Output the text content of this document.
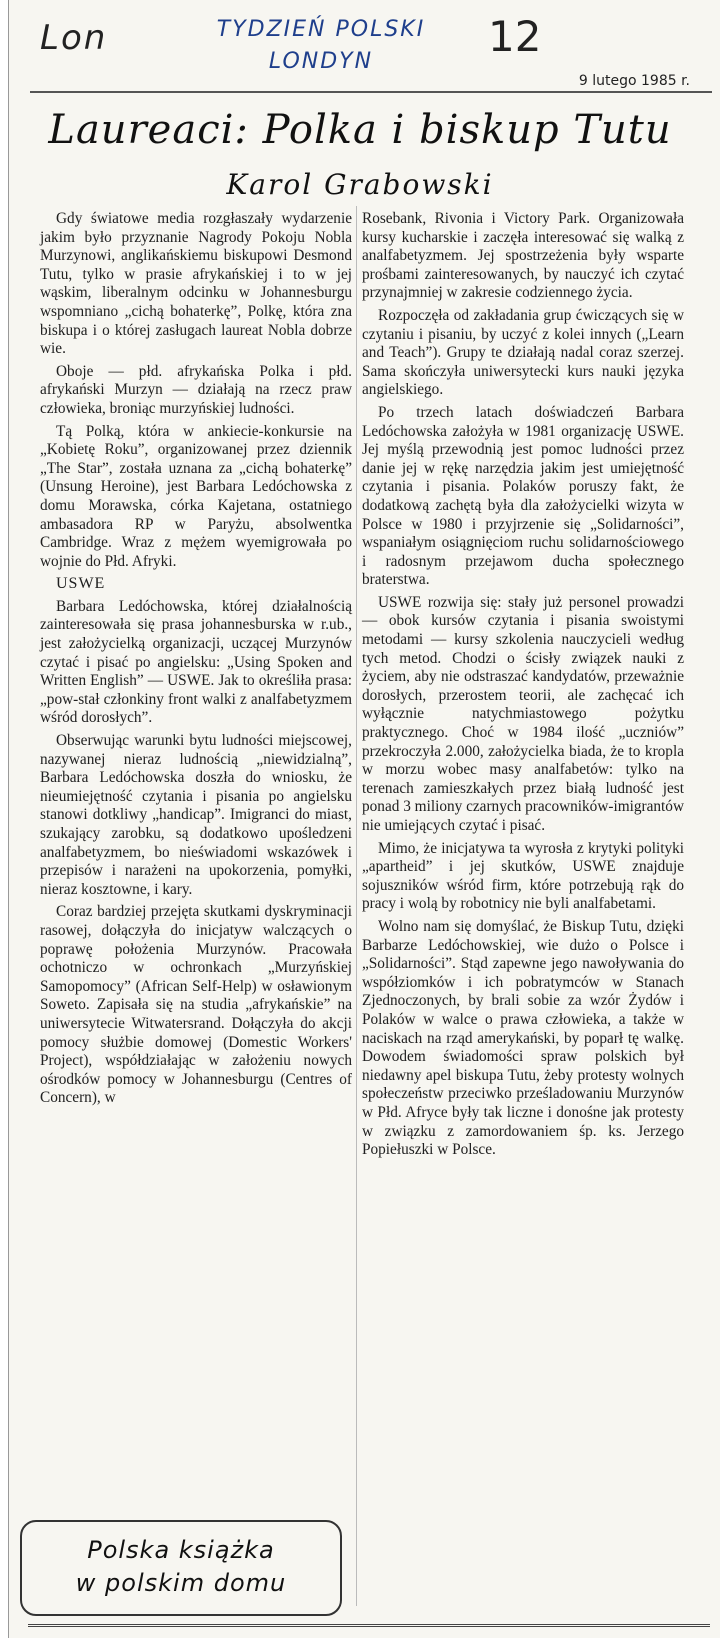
Lon	TYDZIEŃ POLSKI
LONDYN
12
9 lutego 1985 r.
Laureaci: Polka i biskup Tutu
Karol Grabowski

Gdy światowe media rozgłaszały wydarzenie jakim było przyznanie Nagrody Pokoju Nobla Murzynowi, anglikańskiemu biskupowi Desmond Tutu, tylko w prasie afrykańskiej i to w jej wąskim, liberalnym odcinku w Johannesburgu wspomniano „cichą bohaterkę”, Polkę, która zna biskupa i o której zasługach laureat Nobla dobrze wie.

Oboje — płd. afrykańska Polka i płd. afrykański Murzyn — działają na rzecz praw człowieka, broniąc murzyńskiej ludności.

Tą Polką, która w ankiecie-konkursie na „Kobietę Roku”, organizowanej przez dziennik „The Star”, została uznana za „cichą bohaterkę” (Unsung Heroine), jest Barbara Ledóchowska z domu Morawska, córka Kajetana, ostatniego ambasadora RP w Paryżu, absolwentka Cambridge. Wraz z mężem wyemigrowała po wojnie do Płd. Afryki.

USWE

Barbara Ledóchowska, której działalnością zainteresowała się prasa johannesburska w r.ub., jest założycielką organizacji, uczącej Murzynów czytać i pisać po angielsku: „Using Spoken and Written English” — USWE. Jak to określiła prasa: „pow-stał członkiny front walki z analfabetyzmem wśród dorosłych”.

Obserwując warunki bytu ludności miejscowej, nazywanej nieraz ludnością „niewidzialną”, Barbara Ledóchowska doszła do wniosku, że nieumiejętność czytania i pisania po angielsku stanowi dotkliwy „handicap”. Imigranci do miast, szukający zarobku, są dodatkowo upośledzeni analfabetyzmem, bo nieświadomi wskazówek i przepisów i narażeni na upokorzenia, pomyłki, nieraz kosztowne, i kary.

Coraz bardziej przejęta skutkami dyskryminacji rasowej, dołączyła do inicjatyw walczących o poprawę położenia Murzynów. Pracowała ochotniczo w ochronkach „Murzyńskiej Samopomocy” (African Self-Help) w osławionym Soweto. Zapisała się na studia „afrykańskie” na uniwersytecie Witwatersrand. Dołączyła do akcji pomocy służbie domowej (Domestic Workers' Project), współdziałając w założeniu nowych ośrodków pomocy w Johannesburgu (Centres of Concern), w

Rosebank, Rivonia i Victory Park. Organizowała kursy kucharskie i zaczęła interesować się walką z analfabetyzmem. Jej spostrzeżenia były wsparte prośbami zainteresowanych, by nauczyć ich czytać przynajmniej w zakresie codziennego życia.

Rozpoczęła od zakładania grup ćwiczących się w czytaniu i pisaniu, by uczyć z kolei innych („Learn and Teach”). Grupy te działają nadal coraz szerzej. Sama skończyła uniwersytecki kurs nauki języka angielskiego.

Po trzech latach doświadczeń Barbara Ledóchowska założyła w 1981 organizację USWE. Jej myślą przewodnią jest pomoc ludności przez danie jej w rękę narzędzia jakim jest umiejętność czytania i pisania. Polaków poruszy fakt, że dodatkową zachętą była dla założycielki wizyta w Polsce w 1980 i przyjrzenie się „Solidarności”, wspaniałym osiągnięciom ruchu solidarnościowego i radosnym przejawom ducha społecznego braterstwa.

USWE rozwija się: stały już personel prowadzi — obok kursów czytania i pisania swoistymi metodami — kursy szkolenia nauczycieli według tych metod. Chodzi o ścisły związek nauki z życiem, aby nie odstraszać kandydatów, przeważnie dorosłych, przerostem teorii, ale zachęcać ich wyłącznie natychmiastowego pożytku praktycznego. Choć w 1984 ilość „uczniów” przekroczyła 2.000, założycielka biada, że to kropla w morzu wobec masy analfabetów: tylko na terenach zamieszkałych przez białą ludność jest ponad 3 miliony czarnych pracowników-imigrantów nie umiejących czytać i pisać.

Mimo, że inicjatywa ta wyrosła z krytyki polityki „apartheid” i jej skutków, USWE znajduje sojuszników wśród firm, które potrzebują rąk do pracy i wolą by robotnicy nie byli analfabetami.

Wolno nam się domyślać, że Biskup Tutu, dzięki Barbarze Ledóchowskiej, wie dużo o Polsce i „Solidarności”. Stąd zapewne jego nawoływania do współziomków i ich pobratymców w Stanach Zjednoczonych, by brali sobie za wzór Żydów i Polaków w walce o prawa człowieka, a także w naciskach na rząd amerykański, by poparł tę walkę. Dowodem świadomości spraw polskich był niedawny apel biskupa Tutu, żeby protesty wolnych społeczeństw przeciwko prześladowaniu Murzynów w Płd. Afryce były tak liczne i donośne jak protesty w związku z zamordowaniem śp. ks. Jerzego Popiełuszki w Polsce.

Polska książka
w polskim domu
